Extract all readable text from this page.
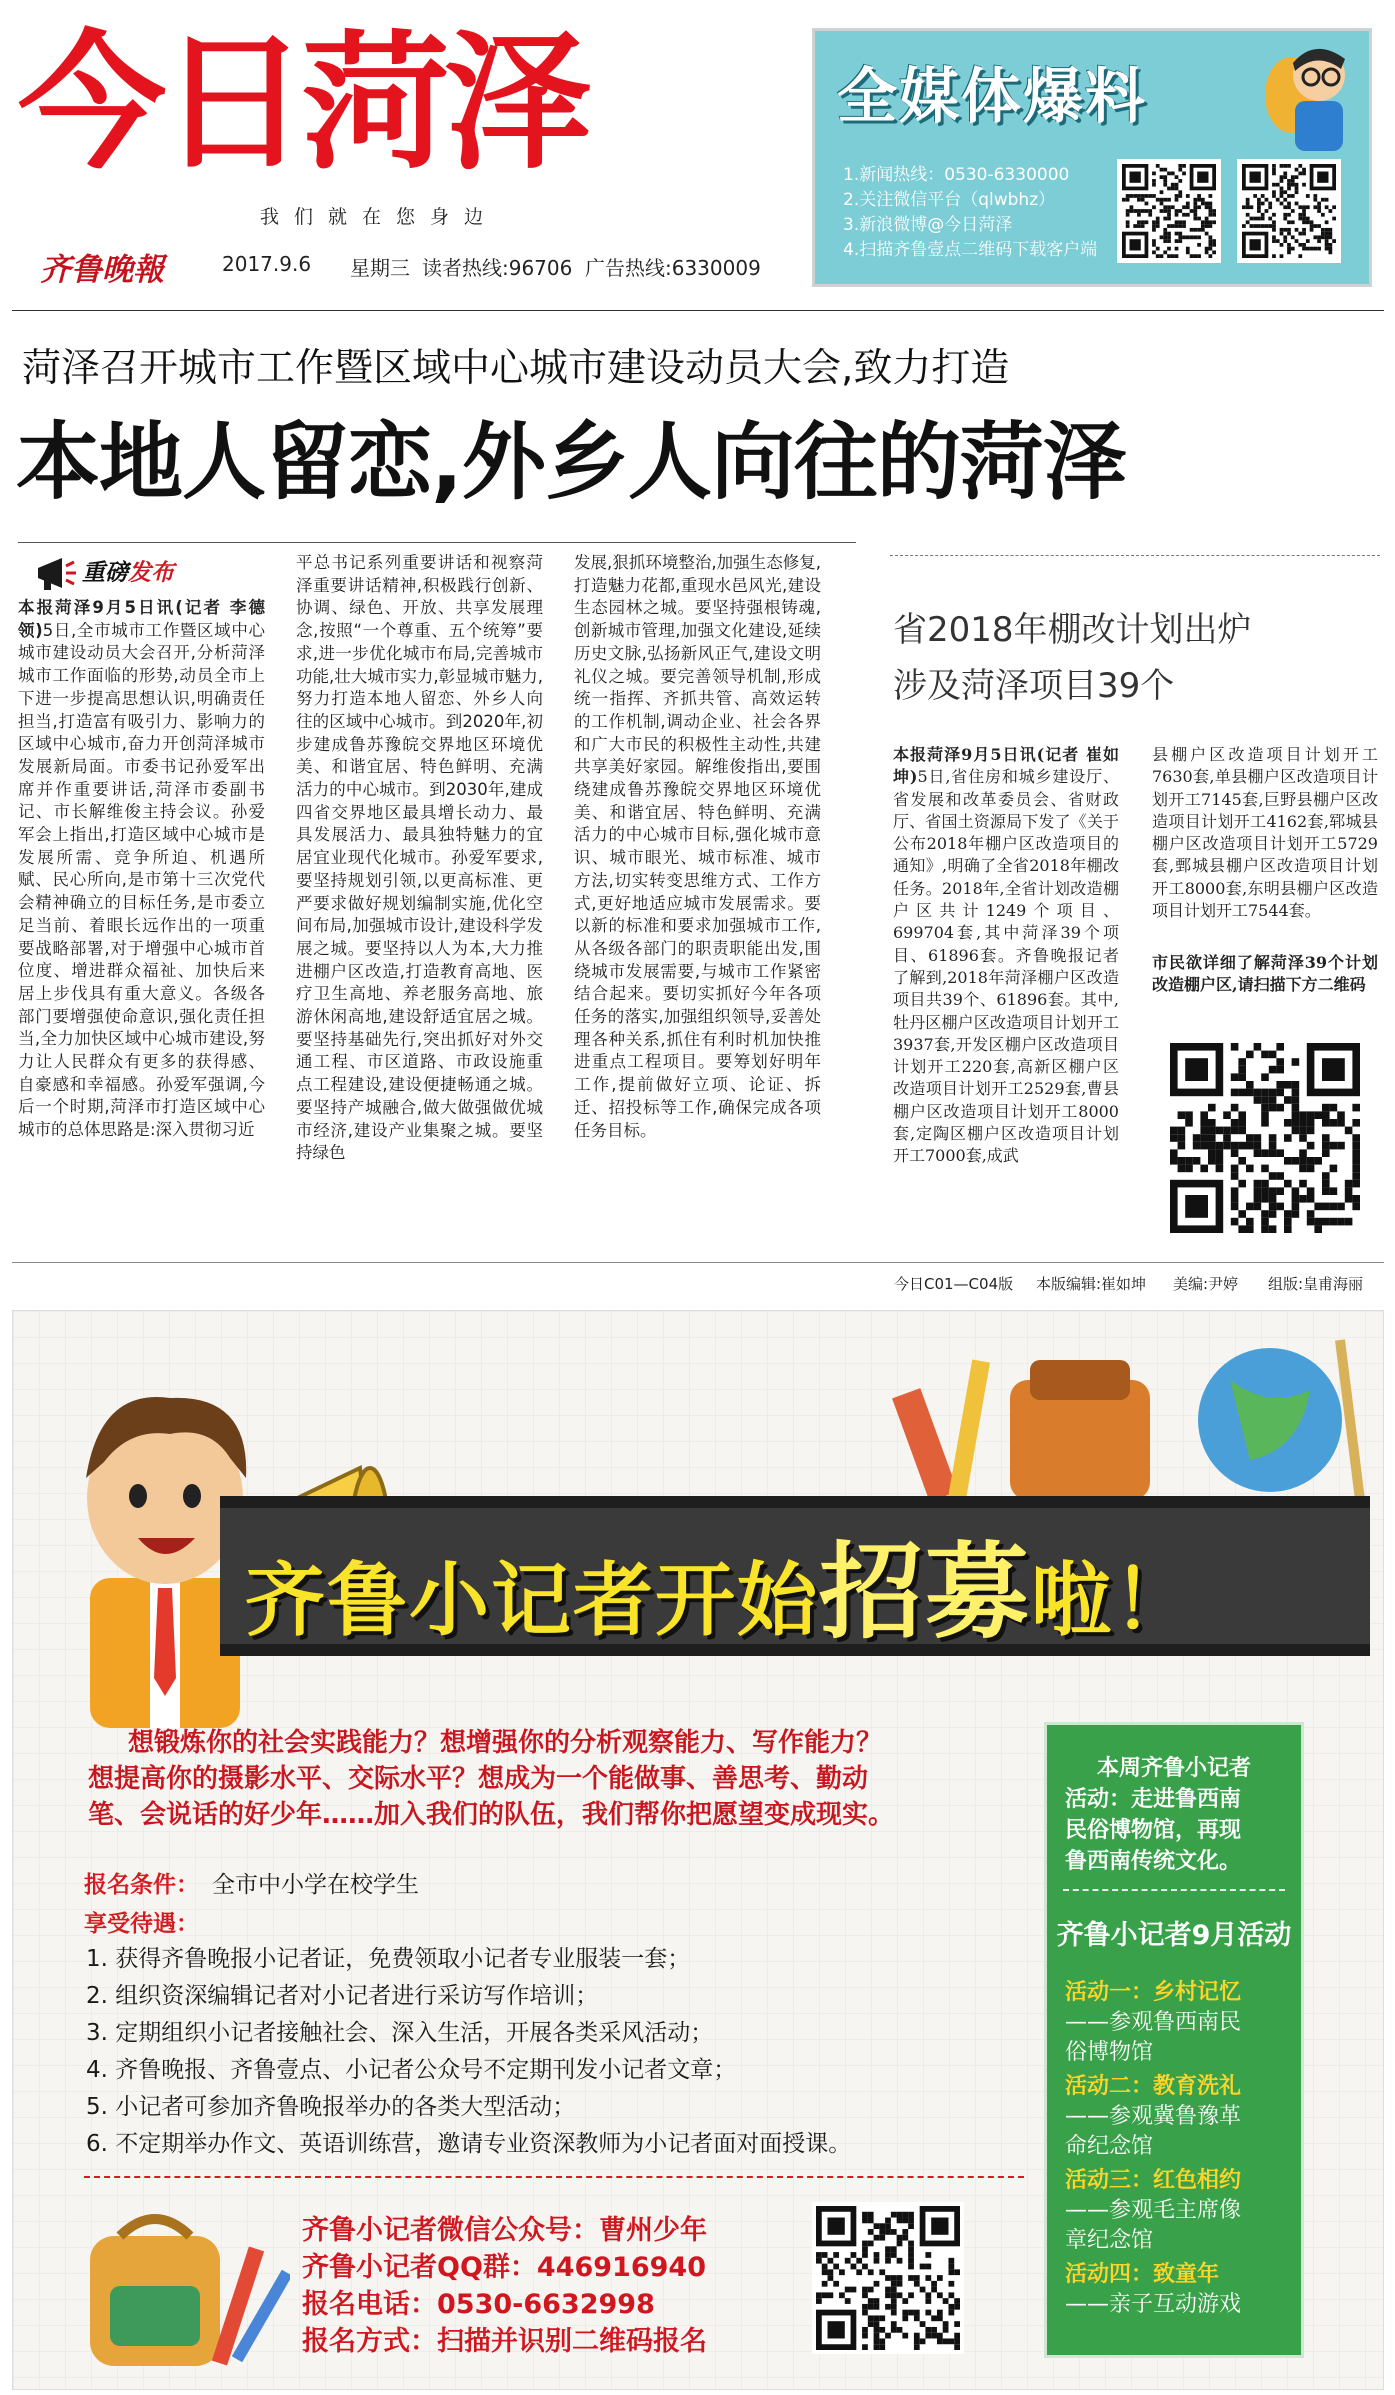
今日菏泽
我们就在您身边
齐鲁晚報	2017.9.6 星期三 读者热线:96706 广告热线:6330009
全媒体爆料
1.新闻热线：0530-6330000
2.关注微信平台（qlwbhz）
3.新浪微博@今日菏泽
4.扫描齐鲁壹点二维码下载客户端
菏泽召开城市工作暨区域中心城市建设动员大会,致力打造
本地人留恋,外乡人向往的菏泽
重磅发布
本报菏泽9月5日讯(记者 李德领)5日,全市城市工作暨区域中心城市建设动员大会召开,分析菏泽城市工作面临的形势,动员全市上下进一步提高思想认识,明确责任担当,打造富有吸引力、影响力的区域中心城市,奋力开创菏泽城市发展新局面。市委书记孙爱军出席并作重要讲话,菏泽市委副书记、市长解维俊主持会议。孙爱军会上指出,打造区域中心城市是发展所需、竞争所迫、机遇所赋、民心所向,是市第十三次党代会精神确立的目标任务,是市委立足当前、着眼长远作出的一项重要战略部署,对于增强中心城市首位度、增进群众福祉、加快后来居上步伐具有重大意义。各级各部门要增强使命意识,强化责任担当,全力加快区域中心城市建设,努力让人民群众有更多的获得感、自豪感和幸福感。孙爱军强调,今后一个时期,菏泽市打造区域中心城市的总体思路是:深入贯彻习近
平总书记系列重要讲话和视察菏泽重要讲话精神,积极践行创新、协调、绿色、开放、共享发展理念,按照“一个尊重、五个统筹”要求,进一步优化城市布局,完善城市功能,壮大城市实力,彰显城市魅力,努力打造本地人留恋、外乡人向往的区域中心城市。到2020年,初步建成鲁苏豫皖交界地区环境优美、和谐宜居、特色鲜明、充满活力的中心城市。到2030年,建成四省交界地区最具增长动力、最具发展活力、最具独特魅力的宜居宜业现代化城市。孙爱军要求,要坚持规划引领,以更高标准、更严要求做好规划编制实施,优化空间布局,加强城市设计,建设科学发展之城。要坚持以人为本,大力推进棚户区改造,打造教育高地、医疗卫生高地、养老服务高地、旅游休闲高地,建设舒适宜居之城。要坚持基础先行,突出抓好对外交通工程、市区道路、市政设施重点工程建设,建设便捷畅通之城。要坚持产城融合,做大做强做优城市经济,建设产业集聚之城。要坚持绿色
发展,狠抓环境整治,加强生态修复,打造魅力花都,重现水邑风光,建设生态园林之城。要坚持强根铸魂,创新城市管理,加强文化建设,延续历史文脉,弘扬新风正气,建设文明礼仪之城。要完善领导机制,形成统一指挥、齐抓共管、高效运转的工作机制,调动企业、社会各界和广大市民的积极性主动性,共建共享美好家园。解维俊指出,要围绕建成鲁苏豫皖交界地区环境优美、和谐宜居、特色鲜明、充满活力的中心城市目标,强化城市意识、城市眼光、城市标准、城市方法,切实转变思维方式、工作方式,更好地适应城市发展需求。要以新的标准和要求加强城市工作,从各级各部门的职责职能出发,围绕城市发展需要,与城市工作紧密结合起来。要切实抓好今年各项任务的落实,加强组织领导,妥善处理各种关系,抓住有利时机加快推进重点工程项目。要筹划好明年工作,提前做好立项、论证、拆迁、招投标等工作,确保完成各项任务目标。
省2018年棚改计划出炉
涉及菏泽项目39个
本报菏泽9月5日讯(记者 崔如坤)5日,省住房和城乡建设厅、省发展和改革委员会、省财政厅、省国土资源局下发了《关于公布2018年棚户区改造项目的通知》,明确了全省2018年棚改任务。2018年,全省计划改造棚户区共计1249个项目、699704套,其中菏泽39个项目、61896套。齐鲁晚报记者了解到,2018年菏泽棚户区改造项目共39个、61896套。其中,牡丹区棚户区改造项目计划开工3937套,开发区棚户区改造项目计划开工220套,高新区棚户区改造项目计划开工2529套,曹县棚户区改造项目计划开工8000套,定陶区棚户区改造项目计划开工7000套,成武
县棚户区改造项目计划开工7630套,单县棚户区改造项目计划开工7145套,巨野县棚户区改造项目计划开工4162套,郓城县棚户区改造项目计划开工5729套,鄄城县棚户区改造项目计划开工8000套,东明县棚户区改造项目计划开工7544套。
市民欲详细了解菏泽39个计划改造棚户区,请扫描下方二维码
今日C01—C04版 本版编辑:崔如坤 美编:尹婷 组版:皇甫海丽
齐鲁小记者开始招募啦！
想锻炼你的社会实践能力？想增强你的分析观察能力、写作能力？
想提高你的摄影水平、交际水平？想成为一个能做事、善思考、勤动
笔、会说话的好少年……加入我们的队伍，我们帮你把愿望变成现实。
报名条件： 全市中小学在校学生
享受待遇：
1. 获得齐鲁晚报小记者证，免费领取小记者专业服装一套；
2. 组织资深编辑记者对小记者进行采访写作培训；
3. 定期组织小记者接触社会、深入生活，开展各类采风活动；
4. 齐鲁晚报、齐鲁壹点、小记者公众号不定期刊发小记者文章；
5. 小记者可参加齐鲁晚报举办的各类大型活动；
6. 不定期举办作文、英语训练营，邀请专业资深教师为小记者面对面授课。
齐鲁小记者微信公众号：曹州少年
齐鲁小记者QQ群：446916940
报名电话：0530-6632998
报名方式：扫描并识别二维码报名
本周齐鲁小记者
活动：走进鲁西南
民俗博物馆，再现
鲁西南传统文化。
齐鲁小记者9月活动
活动一：乡村记忆
——参观鲁西南民
俗博物馆
活动二：教育洗礼
——参观冀鲁豫革
命纪念馆
活动三：红色相约
——参观毛主席像
章纪念馆
活动四：致童年
——亲子互动游戏
